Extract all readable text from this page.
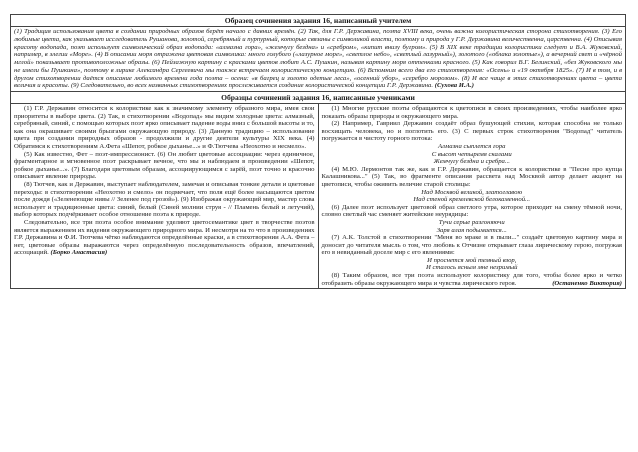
Образец сочинения задания 16, написанный учителем
(1) Традиция использования цвета в создании природных образов берёт начало с давних времён. (2) Так, для Г.Р. Державина, поэта XVIII века, очень важна колористическая сторона стихотворения. (3) Его любимые цвета, как указывает исследователь Рушанова, золотой, серебряный и пурпурный, которые связаны с символикой власти, поэтому и природа у Г.Р. Державина величественна, царственна. (4) Описывая красоту водопада, поэт использует символический образ водопада: «алмазна гора», «жемчугу бездна» и «сребром», «кипит внизу бугром». (5) В XIX веке традиции колористики следует и В.А. Жуковский, например, в элегии «Море». (4) В описании моря отражена цветовая символика: много голубого («лазурное море», «светлое небо», «светлый лазурный»), золотого («облака золотые»), а вечерний свет и «чёрной мглой» показывает противоположные образы. (6) Пейзажную картину с красками цветов любит А.С. Пушкин, называя картину моря оттенками красного. (5) Как говорил В.Г. Белинский, «без Жуковского мы не имели бы Пушкина», поэтому в лирике Александра Сергеевича мы также встречаем колористическую концепцию. (6) Вспомним всего два его стихотворения: «Осень» и «19 октября 1825». (7) И в том, и в другом стихотворении даётся описание любимого времени года поэта – осени: «в багрец и золото одетые леса», «осенний убор», «серебро морозом». (8) И все чаще в этих стихотворениях цвета – цвета величия и красоты. (9) Следовательно, во всех названных стихотворениях прослеживается создание колористической концепции Г.Р. Державина. (Сухова И.А.)
Образцы сочинений задания 16, написанные учениками

(1) Г.Р. Державин относится к колористике как к значимому элементу образного мира, имея свои приоритеты в выборе цвета. (2) Так, в стихотворении «Водопад» мы видим холодные цвета: алмазный, серебряный, синий, с помощью которых поэт ярко описывает падение воды вниз с большой высоты и то, как она окрашивает своими брызгами окружающую природу. (3) Данную традицию – использование цвета при создании природных образов - продолжили и другие деятели культуры XIX века. (4) Обратимся к стихотворениям А.Фета «Шепот, робкое дыханье...» и Ф.Тютчева «Неохотно и несмело».

(5) Как известно, Фет – поэт-импрессионист. (6) Он любит цветовые ассоциации: через единичное, фрагментарное и мгновенное поэт раскрывает вечное, что мы и наблюдаем в произведении «Шепот, робкое дыханье...». (7) Благодаря цветовым образам, ассоциирующимся с зарёй, поэт точно и красочно описывает явление природы.

(8) Тютчев, как и Державин, выступает наблюдателем, замечая и описывая тонкие детали и цветовые переходы: в стихотворении «Неохотно и смело» он подмечает, что поля ещё более насыщаются цветом после дождя («Зеленеющие нивы // Зеленее под грозой»). (9) Изображая окружающий мир, мастер слова использует и традиционные цвета: синий, белый (Синей молнии струя - // Пламень белый и летучий), выбор которых подчёркивает особое отношение поэта к природе.

Следовательно, все три поэта особое внимание уделяют цветосемантике цвет в творчестве поэтов является выражением их видения окружающего природного мира. И несмотря на то что в произведениях Г.Р. Державина и Ф.И. Тютчева чётко наблюдаются определённые краски, а в стихотворении А.А. Фета – нет, цветовые образы выражаются через определённую последовательность образов, впечатлений, ассоциаций. (Борко Анастасия)

(1) Многие русские поэты обращаются к цветописи в своих произведениях, чтобы наиболее ярко показать образы природы и окружающего мира.

(2) Например, Гавриил Державин создаёт образ бушующей стихии, которая способна не только восхищать человека, но и поглотить его. (3) С первых строк стихотворения "Водопад" читатель погружается в чистоту горного потока:

Алмазна сыплется гора

С высот четыремя скалами

Жемчугу бездна и сребра...

(4) М.Ю. Лермонтов так же, как и Г.Р. Державин, обращается к колористике в "Песне про купца Калашникова..." (5) Так, во фрагменте описания рассвета над Москвой автор делает акцент на цветописи, чтобы оживить величие старой столицы:

Над Москвой великой, златоглавою

Над стеной кремлевской белокаменной...

(6) Далее поэт использует цветовой образ светлого утра, которое приходит на смену тёмной ночи, словно светлый час сменяет житейские неурядицы:

Тучи серые разгоняючи

Заря алая подымается...

(7) А.К. Толстой в стихотворении "Меня во мраке и в пыли..." создаёт цветовую картину мира и доносит до читателя мысль о том, что любовь к Отчизне открывает глаза лирическому герою, погружая его в невиданный доселе мир с его явлениями:

И проснется мой темный взор,

И сталось ясным мне незримый

(8) Таким образом, все три поэта используют колористику для того, чтобы более ярко и четко отобразить образы окружающего мира и чувства лирического героя.	(Останенко Виктория)
